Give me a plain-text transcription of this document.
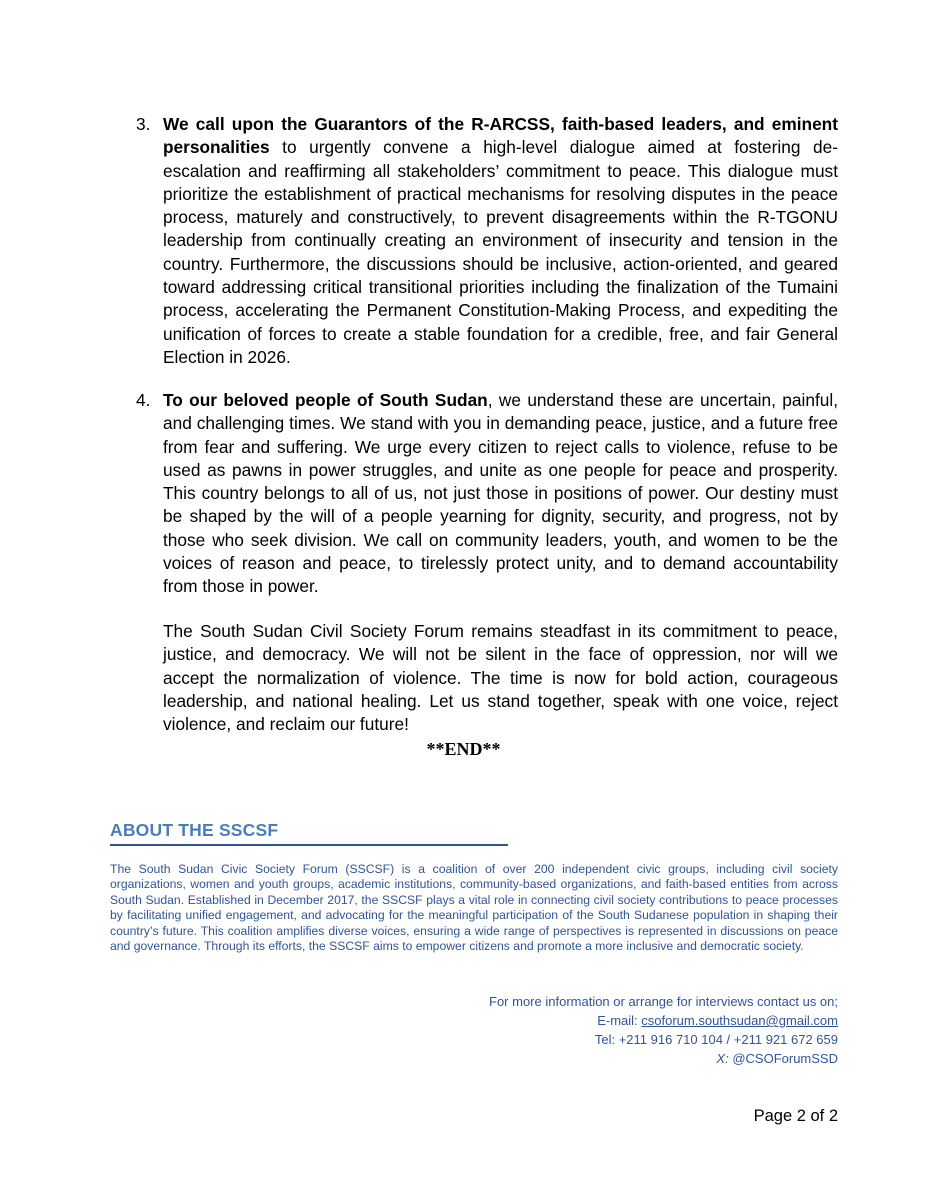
3. We call upon the Guarantors of the R-ARCSS, faith-based leaders, and eminent personalities to urgently convene a high-level dialogue aimed at fostering de-escalation and reaffirming all stakeholders’ commitment to peace. This dialogue must prioritize the establishment of practical mechanisms for resolving disputes in the peace process, maturely and constructively, to prevent disagreements within the R-TGONU leadership from continually creating an environment of insecurity and tension in the country. Furthermore, the discussions should be inclusive, action-oriented, and geared toward addressing critical transitional priorities including the finalization of the Tumaini process, accelerating the Permanent Constitution-Making Process, and expediting the unification of forces to create a stable foundation for a credible, free, and fair General Election in 2026.
4. To our beloved people of South Sudan, we understand these are uncertain, painful, and challenging times. We stand with you in demanding peace, justice, and a future free from fear and suffering. We urge every citizen to reject calls to violence, refuse to be used as pawns in power struggles, and unite as one people for peace and prosperity. This country belongs to all of us, not just those in positions of power. Our destiny must be shaped by the will of a people yearning for dignity, security, and progress, not by those who seek division. We call on community leaders, youth, and women to be the voices of reason and peace, to tirelessly protect unity, and to demand accountability from those in power.
The South Sudan Civil Society Forum remains steadfast in its commitment to peace, justice, and democracy. We will not be silent in the face of oppression, nor will we accept the normalization of violence. The time is now for bold action, courageous leadership, and national healing. Let us stand together, speak with one voice, reject violence, and reclaim our future!
**END**
ABOUT THE SSCSF
The South Sudan Civic Society Forum (SSCSF) is a coalition of over 200 independent civic groups, including civil society organizations, women and youth groups, academic institutions, community-based organizations, and faith-based entities from across South Sudan. Established in December 2017, the SSCSF plays a vital role in connecting civil society contributions to peace processes by facilitating unified engagement, and advocating for the meaningful participation of the South Sudanese population in shaping their country’s future. This coalition amplifies diverse voices, ensuring a wide range of perspectives is represented in discussions on peace and governance. Through its efforts, the SSCSF aims to empower citizens and promote a more inclusive and democratic society.
For more information or arrange for interviews contact us on;
E-mail: csoforum.southsudan@gmail.com
Tel: +211 916 710 104 / +211 921 672 659
X: @CSOForumSSD
Page 2 of 2
